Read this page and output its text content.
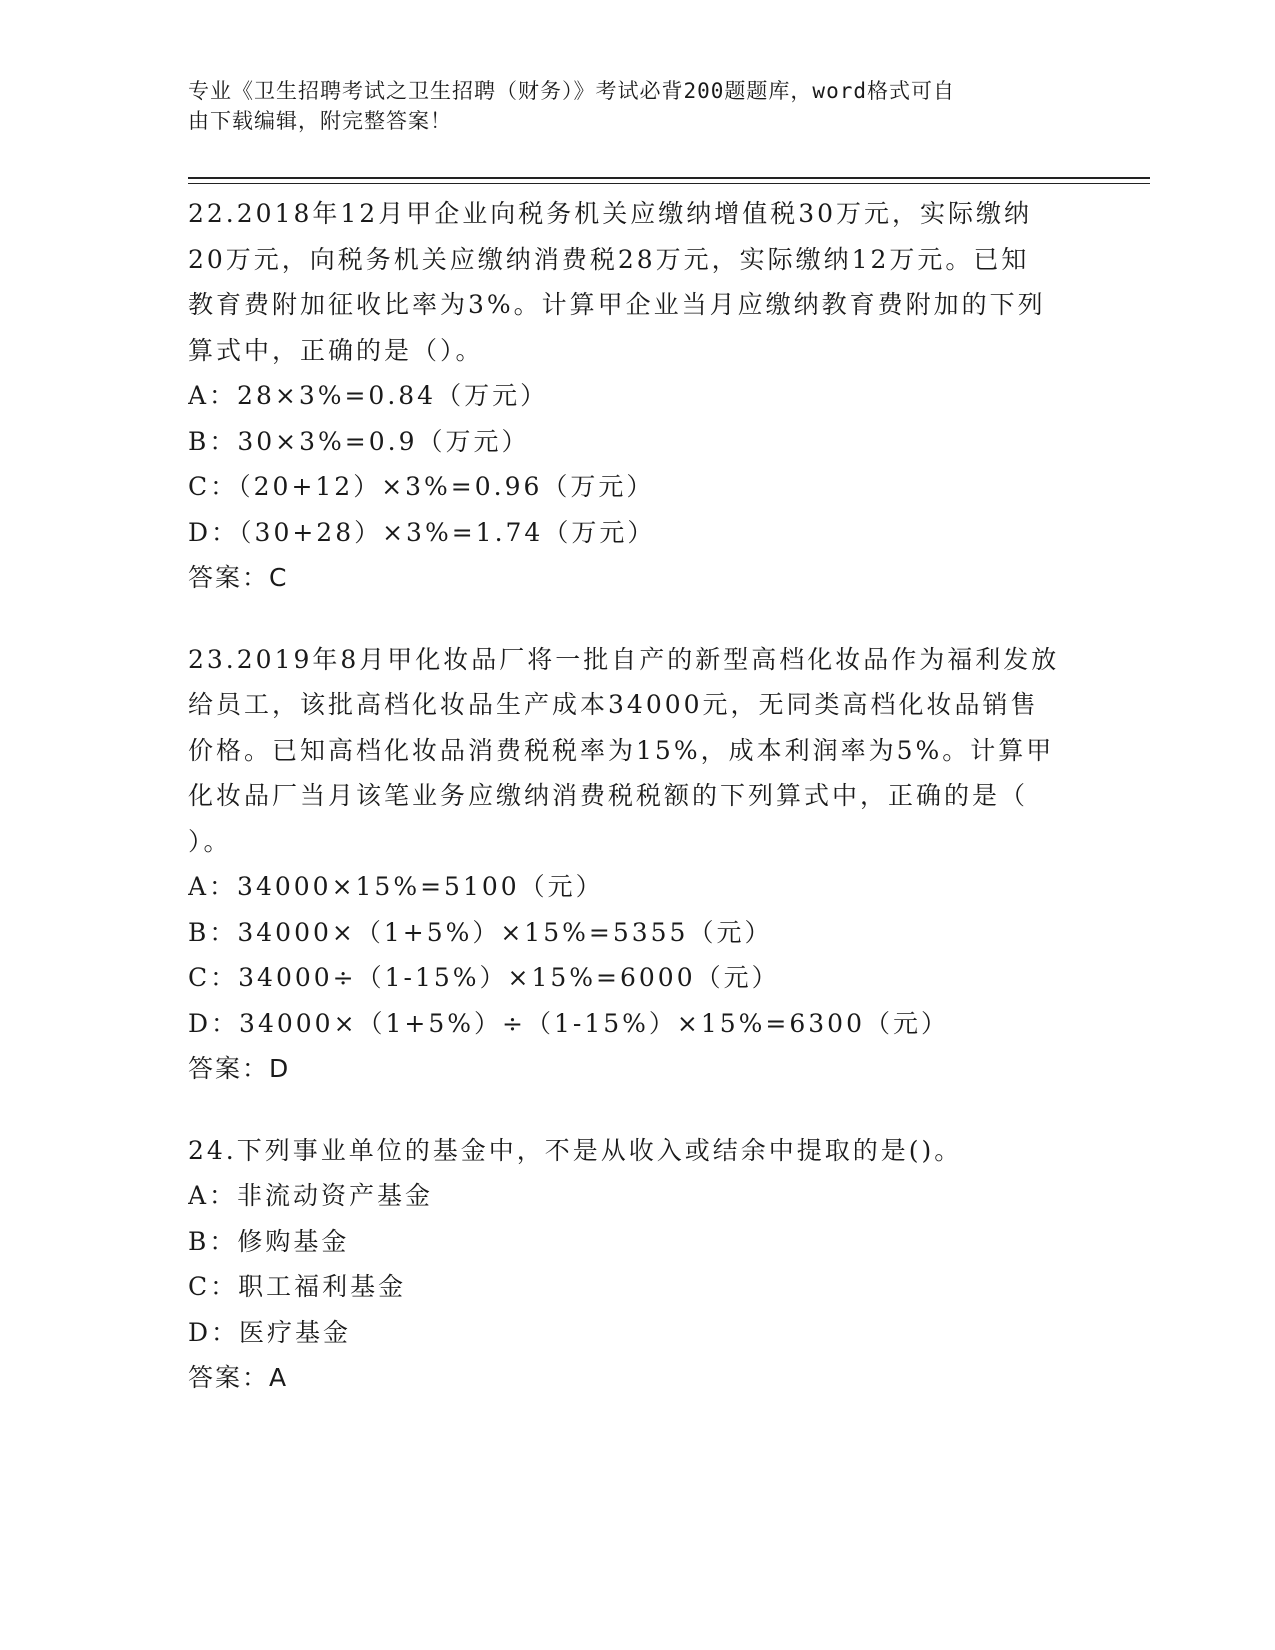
专业《卫生招聘考试之卫生招聘（财务）》考试必背200题题库，word格式可自
由下载编辑，附完整答案！
22.2018年12月甲企业向税务机关应缴纳增值税30万元，实际缴纳
20万元，向税务机关应缴纳消费税28万元，实际缴纳12万元。已知
教育费附加征收比率为3%。计算甲企业当月应缴纳教育费附加的下列
算式中，正确的是（）。
A：28×3%=0.84（万元）
B：30×3%=0.9（万元）
C：（20+12）×3%=0.96（万元）
D：（30+28）×3%=1.74（万元）
答案：C
23.2019年8月甲化妆品厂将一批自产的新型高档化妆品作为福利发放
给员工，该批高档化妆品生产成本34000元，无同类高档化妆品销售
价格。已知高档化妆品消费税税率为15%，成本利润率为5%。计算甲
化妆品厂当月该笔业务应缴纳消费税税额的下列算式中，正确的是（
）。
A：34000×15%=5100（元）
B：34000×（1+5%）×15%=5355（元）
C：34000÷（1-15%）×15%=6000（元）
D：34000×（1+5%）÷（1-15%）×15%=6300（元）
答案：D
24.下列事业单位的基金中，不是从收入或结余中提取的是()。
A：非流动资产基金
B：修购基金
C：职工福利基金
D：医疗基金
答案：A
